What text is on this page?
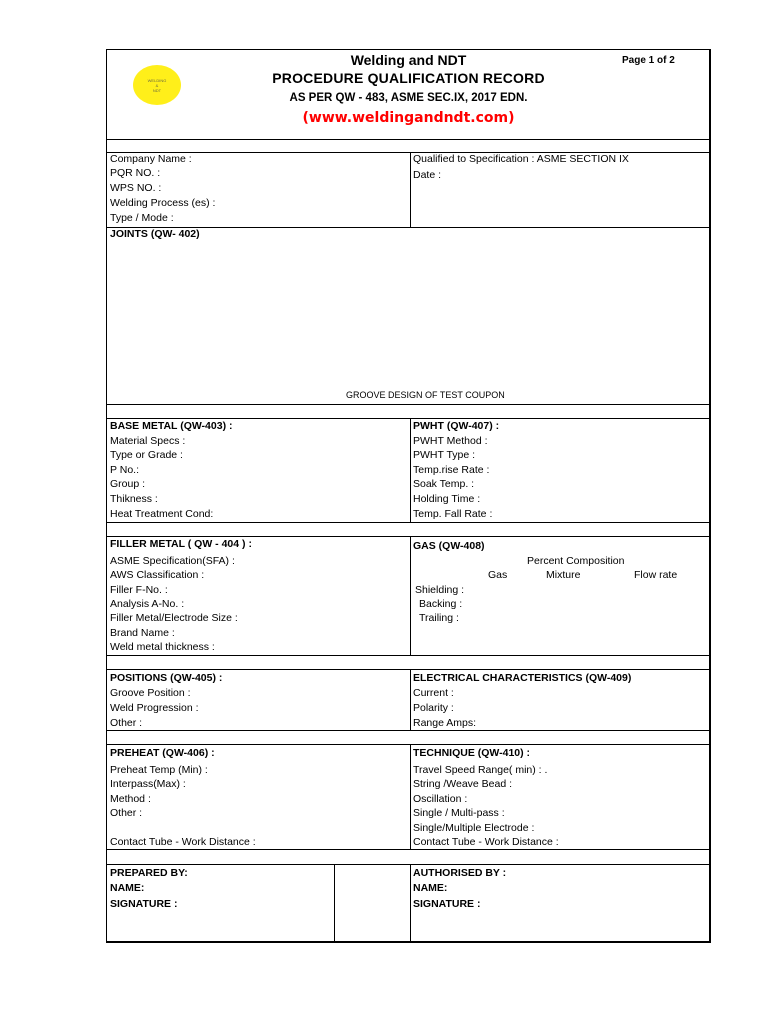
WELDING
&
NDT
Welding and NDT	Page 1 of 2
PROCEDURE QUALIFICATION RECORD
AS PER QW - 483, ASME SEC.IX, 2017 EDN.
(www.weldingandndt.com)
Company Name :
PQR NO. :
WPS NO. :
Welding Process (es) :
Type / Mode :
Qualified to Specification : ASME SECTION IX
Date :
JOINTS (QW- 402)
GROOVE DESIGN OF TEST COUPON
BASE METAL (QW-403) :
Material Specs :
Type or Grade :
P No.:
Group :
Thikness :
Heat Treatment Cond:
PWHT (QW-407) :
PWHT Method :
PWHT Type :
Temp.rise Rate :
Soak Temp. :
Holding Time :
Temp. Fall Rate :
FILLER METAL ( QW - 404 ) :
ASME Specification(SFA) :
AWS Classification :
Filler F-No. :
Analysis A-No. :
Filler Metal/Electrode Size :
Brand Name :
Weld metal thickness :
GAS (QW-408)
Percent Composition
Gas	Mixture	Flow rate
Shielding :
Backing :
Trailing :
POSITIONS (QW-405) :
Groove Position :
Weld Progression :
Other :
ELECTRICAL CHARACTERISTICS (QW-409)
Current :
Polarity :
Range Amps:
PREHEAT (QW-406) :
Preheat Temp (Min) :
Interpass(Max) :
Method :
Other :
Contact Tube - Work Distance :
TECHNIQUE (QW-410) :
Travel Speed Range( min) : .
String /Weave Bead :
Oscillation :
Single / Multi-pass :
Single/Multiple Electrode :
Contact Tube - Work Distance :
PREPARED BY:
NAME:
SIGNATURE :
AUTHORISED BY :
NAME:
SIGNATURE :
